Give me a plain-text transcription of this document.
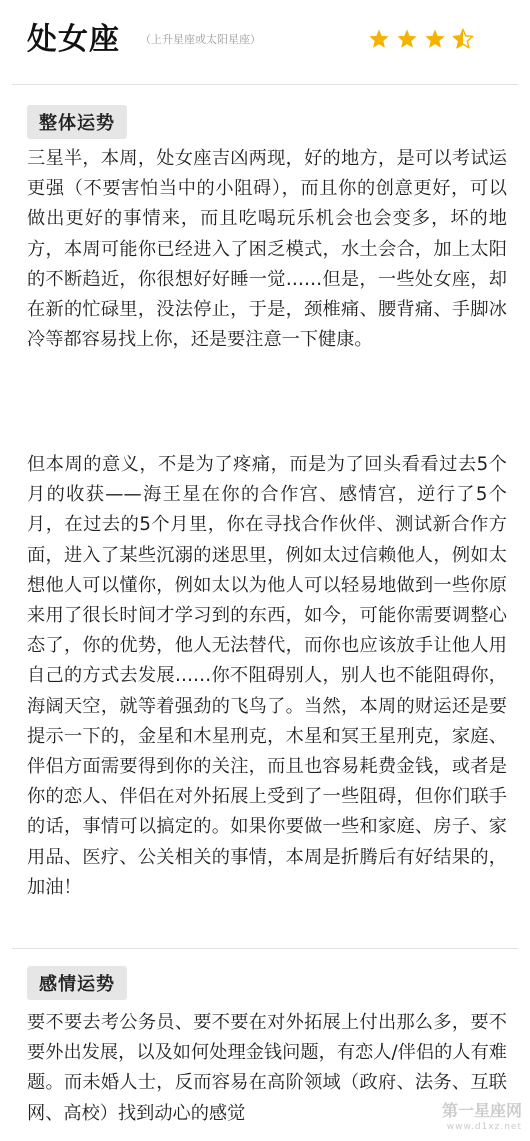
处女座 （上升星座或太阳星座）
整体运势
三星半，本周，处女座吉凶两现，好的地方，是可以考试运更强（不要害怕当中的小阻碍），而且你的创意更好，可以做出更好的事情来，而且吃喝玩乐机会也会变多，坏的地方，本周可能你已经进入了困乏模式，水土会合，加上太阳的不断趋近，你很想好好睡一觉……但是，一些处女座，却在新的忙碌里，没法停止，于是，颈椎痛、腰背痛、手脚冰冷等都容易找上你，还是要注意一下健康。
但本周的意义，不是为了疼痛，而是为了回头看看过去5个月的收获——海王星在你的合作宫、感情宫，逆行了5个月，在过去的5个月里，你在寻找合作伙伴、测试新合作方面，进入了某些沉溺的迷思里，例如太过信赖他人，例如太想他人可以懂你，例如太以为他人可以轻易地做到一些你原来用了很长时间才学习到的东西，如今，可能你需要调整心态了，你的优势，他人无法替代，而你也应该放手让他人用自己的方式去发展……你不阻碍别人，别人也不能阻碍你，海阔天空，就等着强劲的飞鸟了。当然，本周的财运还是要提示一下的，金星和木星刑克，木星和冥王星刑克，家庭、伴侣方面需要得到你的关注，而且也容易耗费金钱，或者是你的恋人、伴侣在对外拓展上受到了一些阻碍，但你们联手的话，事情可以搞定的。如果你要做一些和家庭、房子、家用品、医疗、公关相关的事情，本周是折腾后有好结果的，加油！
感情运势
要不要去考公务员、要不要在对外拓展上付出那么多，要不要外出发展，以及如何处理金钱问题，有恋人/伴侣的人有难题。而未婚人士，反而容易在高阶领域（政府、法务、互联网、高校）找到动心的感觉	第一星座网
www.d1xz.net
